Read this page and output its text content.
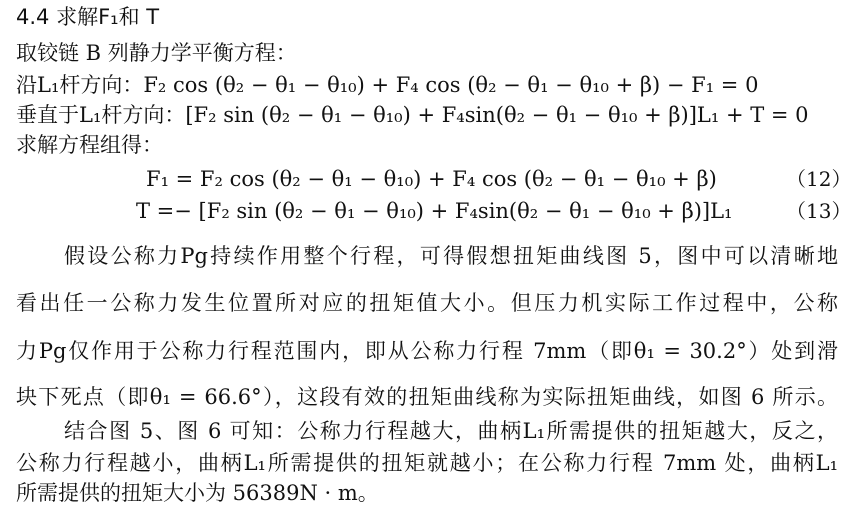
4.4 求解F₁和 T
取铰链 B 列静力学平衡方程：
沿L₁杆方向：F₂ cos (θ₂ − θ₁ − θ₁₀) + F₄ cos (θ₂ − θ₁ − θ₁₀ + β) − F₁ = 0
垂直于L₁杆方向：[F₂ sin (θ₂ − θ₁ − θ₁₀) + F₄sin(θ₂ − θ₁ − θ₁₀ + β)]L₁ + T = 0
求解方程组得：
F₁ = F₂ cos (θ₂ − θ₁ − θ₁₀) + F₄ cos (θ₂ − θ₁ − θ₁₀ + β)	（12）
T =− [F₂ sin (θ₂ − θ₁ − θ₁₀) + F₄sin(θ₂ − θ₁ − θ₁₀ + β)]L₁	（13）
假设公称力Pg持续作用整个行程，可得假想扭矩曲线图 5，图中可以清晰地
看出任一公称力发生位置所对应的扭矩值大小。但压力机实际工作过程中，公称
力Pg仅作用于公称力行程范围内，即从公称力行程 7mm（即θ₁ = 30.2°）处到滑
块下死点（即θ₁ = 66.6°），这段有效的扭矩曲线称为实际扭矩曲线，如图 6 所示。
结合图 5、图 6 可知：公称力行程越大，曲柄L₁所需提供的扭矩越大，反之，
公称力行程越小，曲柄L₁所需提供的扭矩就越小；在公称力行程 7mm 处，曲柄L₁
所需提供的扭矩大小为 56389N · m。
